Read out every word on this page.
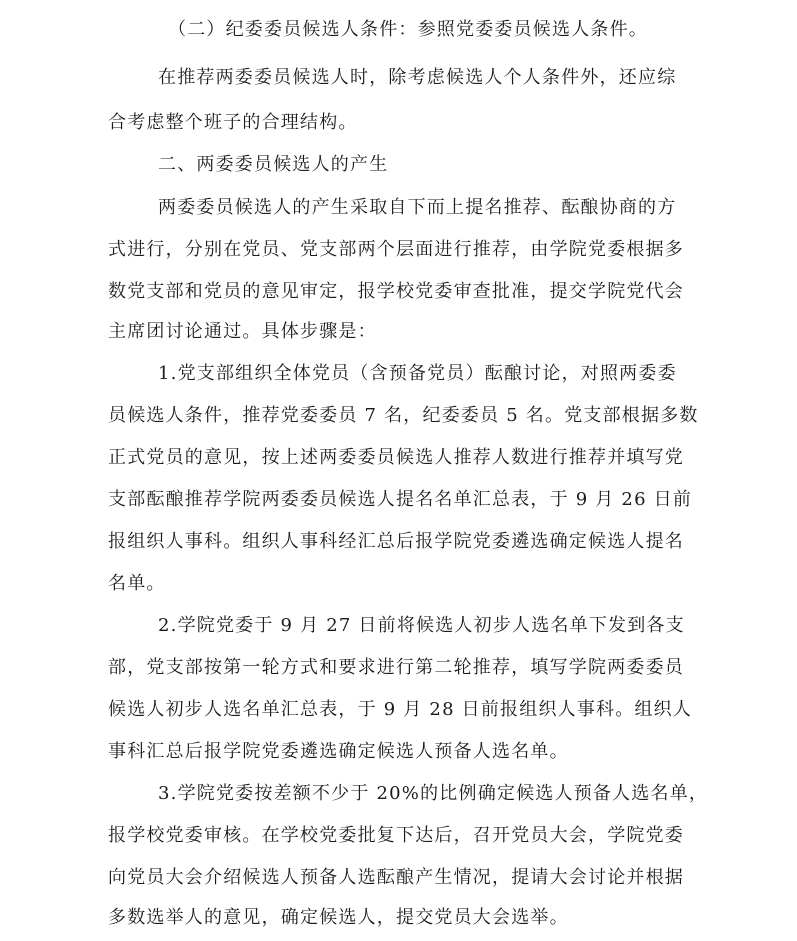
（二）纪委委员候选人条件：参照党委委员候选人条件。
在推荐两委委员候选人时，除考虑候选人个人条件外，还应综
合考虑整个班子的合理结构。
二、两委委员候选人的产生
两委委员候选人的产生采取自下而上提名推荐、酝酿协商的方
式进行，分别在党员、党支部两个层面进行推荐，由学院党委根据多
数党支部和党员的意见审定，报学校党委审查批准，提交学院党代会
主席团讨论通过。具体步骤是：
1.党支部组织全体党员（含预备党员）酝酿讨论，对照两委委
员候选人条件，推荐党委委员 7 名，纪委委员 5 名。党支部根据多数
正式党员的意见，按上述两委委员候选人推荐人数进行推荐并填写党
支部酝酿推荐学院两委委员候选人提名名单汇总表，于 9 月 26 日前
报组织人事科。组织人事科经汇总后报学院党委遴选确定候选人提名
名单。
2.学院党委于 9 月 27 日前将候选人初步人选名单下发到各支
部，党支部按第一轮方式和要求进行第二轮推荐，填写学院两委委员
候选人初步人选名单汇总表，于 9 月 28 日前报组织人事科。组织人
事科汇总后报学院党委遴选确定候选人预备人选名单。
3.学院党委按差额不少于 20%的比例确定候选人预备人选名单，
报学校党委审核。在学校党委批复下达后，召开党员大会，学院党委
向党员大会介绍候选人预备人选酝酿产生情况，提请大会讨论并根据
多数选举人的意见，确定候选人，提交党员大会选举。
